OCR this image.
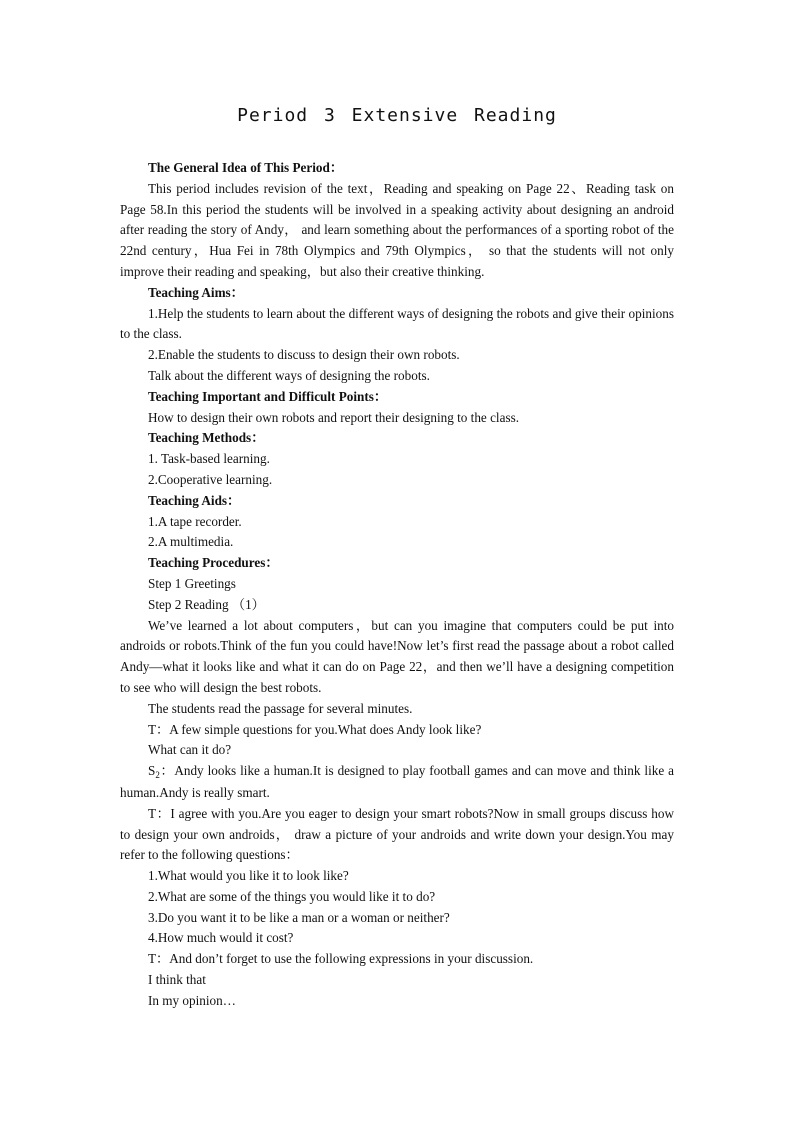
Period 3 Extensive Reading

The General Idea of This Period：

This period includes revision of the text，Reading and speaking on Page 22、Reading task on Page 58.In this period the students will be involved in a speaking activity about designing an android after reading the story of Andy， and learn something about the performances of a sporting robot of the 22nd century，Hua Fei in 78th Olympics and 79th Olympics， so that the students will not only improve their reading and speaking，but also their creative thinking.

Teaching Aims：

1.Help the students to learn about the different ways of designing the robots and give their opinions to the class.

2.Enable the students to discuss to design their own robots.

Talk about the different ways of designing the robots.

Teaching Important and Difficult Points：

How to design their own robots and report their designing to the class.

Teaching Methods：

1. Task-based learning.

2.Cooperative learning.

Teaching Aids：

1.A tape recorder.

2.A multimedia.

Teaching Procedures：

Step 1 Greetings

Step 2 Reading （1）

We’ve learned a lot about computers，but can you imagine that computers could be put into androids or robots.Think of the fun you could have!Now let’s first read the passage about a robot called Andy—what it looks like and what it can do on Page 22，and then we’ll have a designing competition to see who will design the best robots.

The students read the passage for several minutes.

T：A few simple questions for you.What does Andy look like?

What can it do?

$S_2$：Andy looks like a human.It is designed to play football games and can move and think like a human.Andy is really smart.

T：I agree with you.Are you eager to design your smart robots?Now in small groups discuss how to design your own androids， draw a picture of your androids and write down your design.You may refer to the following questions：

1.What would you like it to look like?

2.What are some of the things you would like it to do?

3.Do you want it to be like a man or a woman or neither?

4.How much would it cost?

T：And don’t forget to use the following expressions in your discussion.

I think that

In my opinion…
